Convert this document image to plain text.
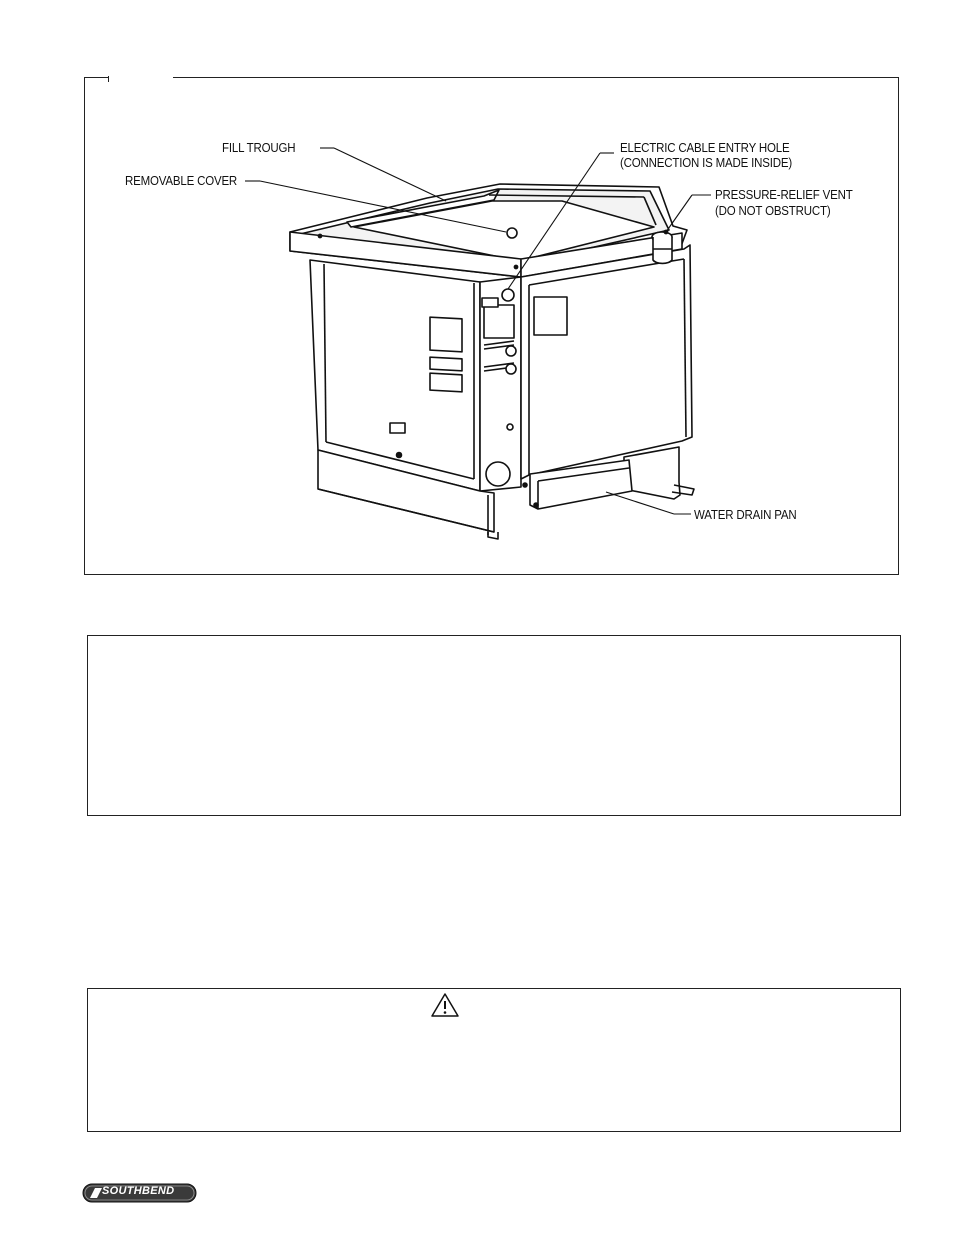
FILL TROUGH
REMOVABLE COVER
ELECTRIC CABLE ENTRY HOLE
(CONNECTION IS MADE INSIDE)
PRESSURE-RELIEF VENT
(DO NOT OBSTRUCT)
WATER DRAIN PAN
SOUTHBEND
